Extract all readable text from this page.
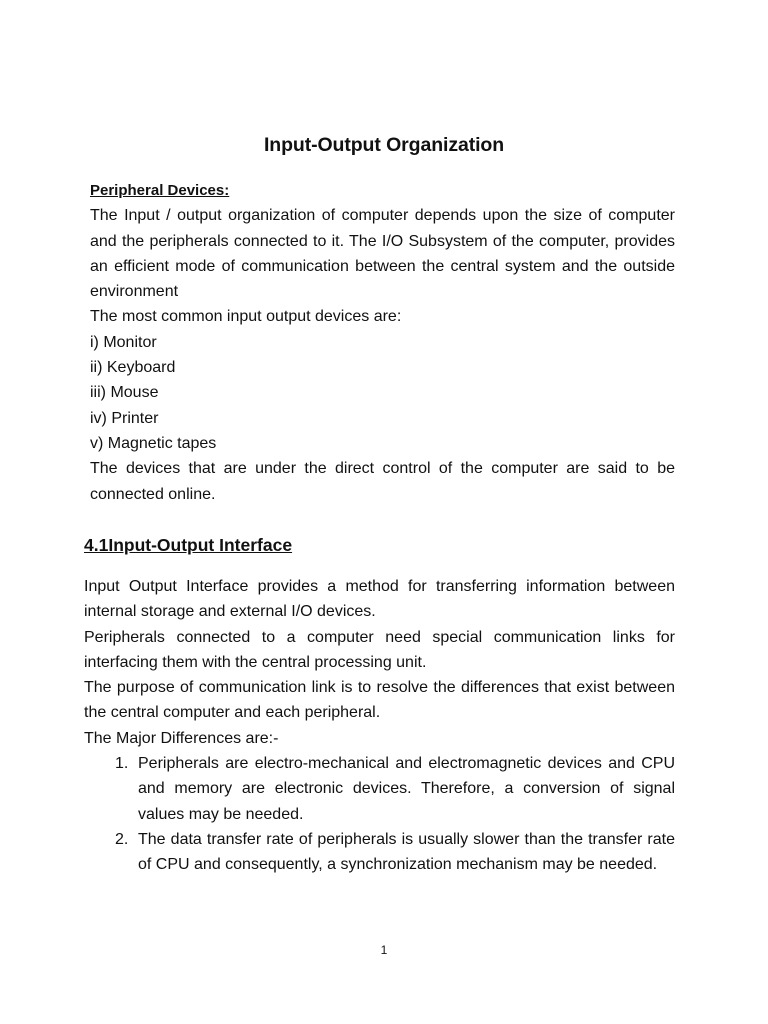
Input-Output Organization

Peripheral Devices:

The Input / output organization of computer depends upon the size of computer and the peripherals connected to it. The I/O Subsystem of the computer, provides an efficient mode of communication between the central system and the outside environment

The most common input output devices are:

i) Monitor

ii) Keyboard

iii) Mouse

iv) Printer

v) Magnetic tapes

The devices that are under the direct control of the computer are said to be connected online.

4.1Input-Output Interface

Input Output Interface provides a method for transferring information between internal storage and external I/O devices.

Peripherals connected to a computer need special communication links for interfacing them with the central processing unit.

The purpose of communication link is to resolve the differences that exist between the central computer and each peripheral.

The Major Differences are:-

1. Peripherals are electro-mechanical and electromagnetic devices and CPU and memory are electronic devices. Therefore, a conversion of signal values may be needed.
2. The data transfer rate of peripherals is usually slower than the transfer rate of CPU and consequently, a synchronization mechanism may be needed.
1
